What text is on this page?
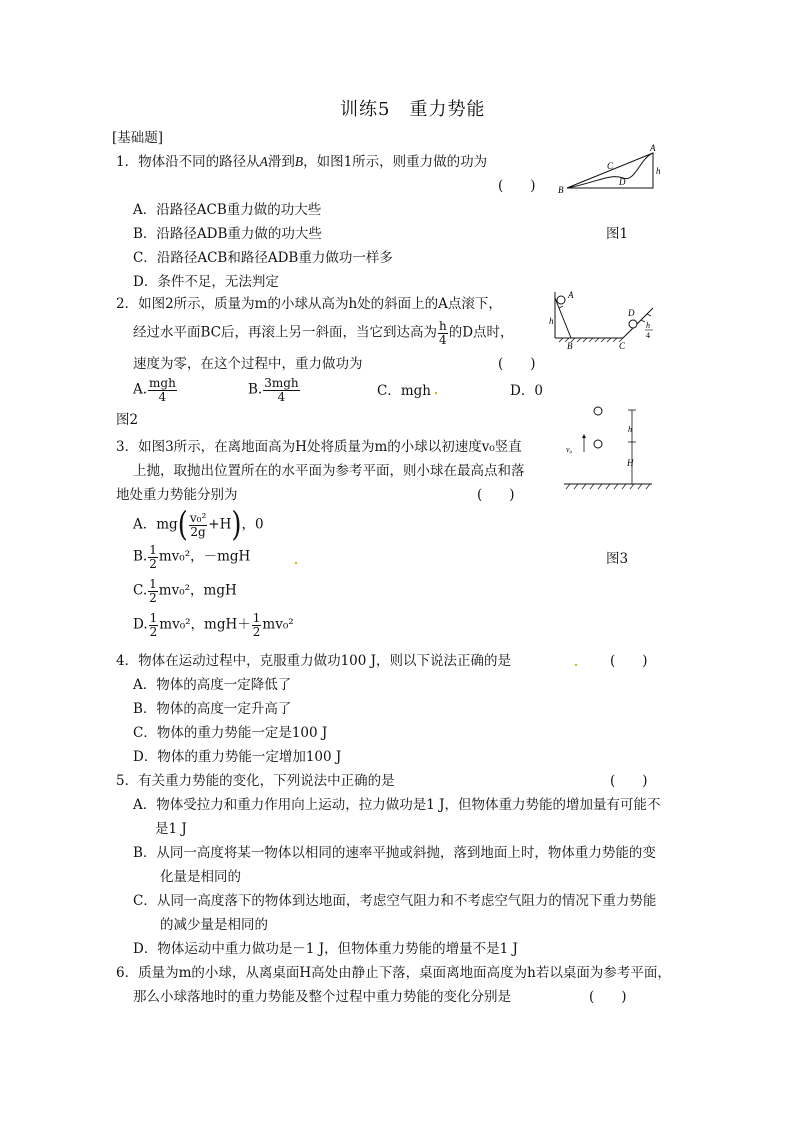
训练5　重力势能
[基础题]
1．物体沿不同的路径从A滑到B，如图1所示，则重力做的功为
(　　)
A．沿路径ACB重力做的功大些
B．沿路径ADB重力做的功大些
C．沿路径ACB和路径ADB重力做功一样多
D．条件不足，无法判定
图1
A
B
C
D
h
2．如图2所示，质量为m的小球从高为h处的斜面上的A点滚下，
经过水平面BC后，再滚上另一斜面，当它到达高为 $\frac{h}{4}$ 的D点时，
速度为零，在这个过程中，重力做功为	(　　)
A. $\frac{\text{mgh}}{4}$	B. $\frac{\text{3mgh}}{4}$	C．mgh	D．0
图2
A
h
B	C
D
h
4
3．如图3所示，在离地面高为H处将质量为m的小球以初速度v₀竖直
上抛，取抛出位置所在的水平面为参考平面，则小球在最高点和落
地处重力势能分别为	(　　)
A．$mg( \frac{\text{v₀²}}{2g} +H)$，0
B. $\frac{1}{2} mv_0^2$，－mgH
C. $\frac{1}{2} mv_0^2$，mgH
D. $\frac{1}{2} mv_0^2$，$mgH+ \frac{1}{2} mv_0^2$
图3
v₀
h
H
4．物体在运动过程中，克服重力做功100 J，则以下说法正确的是	(　　)
A．物体的高度一定降低了
B．物体的高度一定升高了
C．物体的重力势能一定是100 J
D．物体的重力势能一定增加100 J
5．有关重力势能的变化，下列说法中正确的是	(　　)
A．物体受拉力和重力作用向上运动，拉力做功是1 J，但物体重力势能的增加量有可能不
是1 J
B．从同一高度将某一物体以相同的速率平抛或斜抛，落到地面上时，物体重力势能的变
化量是相同的
C．从同一高度落下的物体到达地面，考虑空气阻力和不考虑空气阻力的情况下重力势能
的减少量是相同的
D．物体运动中重力做功是－1 J，但物体重力势能的增量不是1 J
6．质量为m的小球，从离桌面H高处由静止下落，桌面离地面高度为h若以桌面为参考平面，
那么小球落地时的重力势能及整个过程中重力势能的变化分别是	(　　)
